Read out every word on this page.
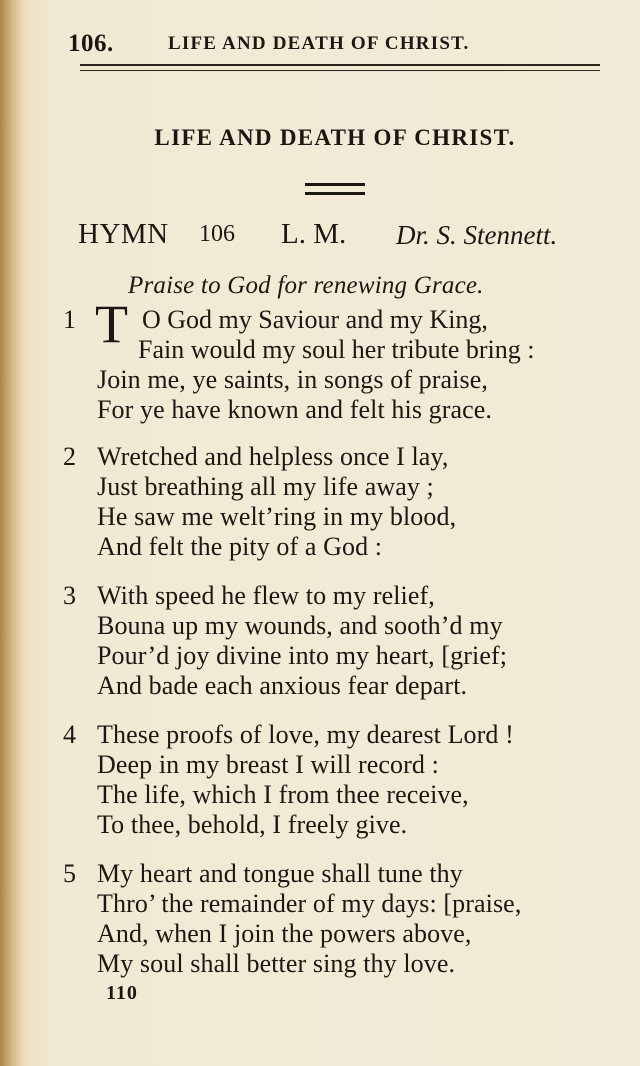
106.	LIFE AND DEATH OF CHRIST.
LIFE AND DEATH OF CHRIST.
HYMN 106 L. M. Dr. S. Stennett.
Praise to God for renewing Grace.
1 T O God my Saviour and my King,
Fain would my soul her tribute bring :
Join me, ye saints, in songs of praise,
For ye have known and felt his grace.
2 Wretched and helpless once I lay,
Just breathing all my life away ;
He saw me welt’ring in my blood,
And felt the pity of a God :
3 With speed he flew to my relief,
Bouna up my wounds, and sooth’d my
Pour’d joy divine into my heart, [grief;
And bade each anxious fear depart.
4 These proofs of love, my dearest Lord !
Deep in my breast I will record :
The life, which I from thee receive,
To thee, behold, I freely give.
5 My heart and tongue shall tune thy
Thro’ the remainder of my days: [praise,
And, when I join the powers above,
My soul shall better sing thy love.
110
